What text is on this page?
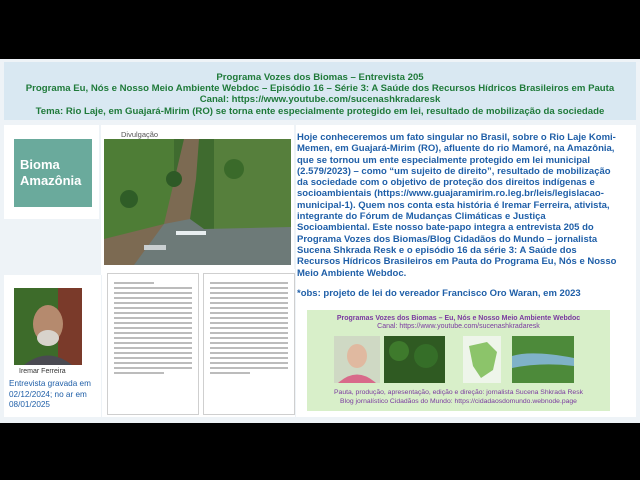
Programa Vozes dos Biomas – Entrevista 205
Programa Eu, Nós e Nosso Meio Ambiente Webdoc – Episódio 16 – Série 3: A Saúde dos Recursos Hídricos Brasileiros em Pauta
Canal: https://www.youtube.com/sucenashkradaresk
Tema: Rio Laje, em Guajará-Mirim (RO) se torna ente especialmente protegido em lei, resultado de mobilização da sociedade
Bioma
Amazônia
Divulgação
Iremar Ferreira
Entrevista gravada em 02/12/2024; no ar em 08/01/2025
Hoje conheceremos um fato singular no Brasil, sobre o Rio Laje Komi-Memen, em Guajará-Mirim (RO), afluente do rio Mamoré, na Amazônia, que se tornou um ente especialmente protegido em lei municipal (2.579/2023) – como “um sujeito de direito”, resultado de mobilização da sociedade com o objetivo de proteção dos direitos indígenas e socioambientais (https://www.guajaramirim.ro.leg.br/leis/legislacao-municipal-1). Quem nos conta esta história é Iremar Ferreira, ativista, integrante do Fórum de Mudanças Climáticas e Justiça Socioambiental. Este nosso bate-papo integra a entrevista 205 do Programa Vozes dos Biomas/Blog Cidadãos do Mundo – jornalista Sucena Shkrada Resk e o episódio 16 da série 3: A Saúde dos Recursos Hídricos Brasileiros em Pauta do Programa Eu, Nós e Nosso Meio Ambiente Webdoc.
*obs: projeto de lei do vereador Francisco Oro Waran, em 2023
Programas Vozes dos Biomas – Eu, Nós e Nosso Meio Ambiente Webdoc
Canal: https://www.youtube.com/sucenashkradaresk
Pauta, produção, apresentação, edição e direção: jornalista Sucena Shkrada Resk
Blog jornalístico Cidadãos do Mundo: https://cidadaosdomundo.webnode.page
